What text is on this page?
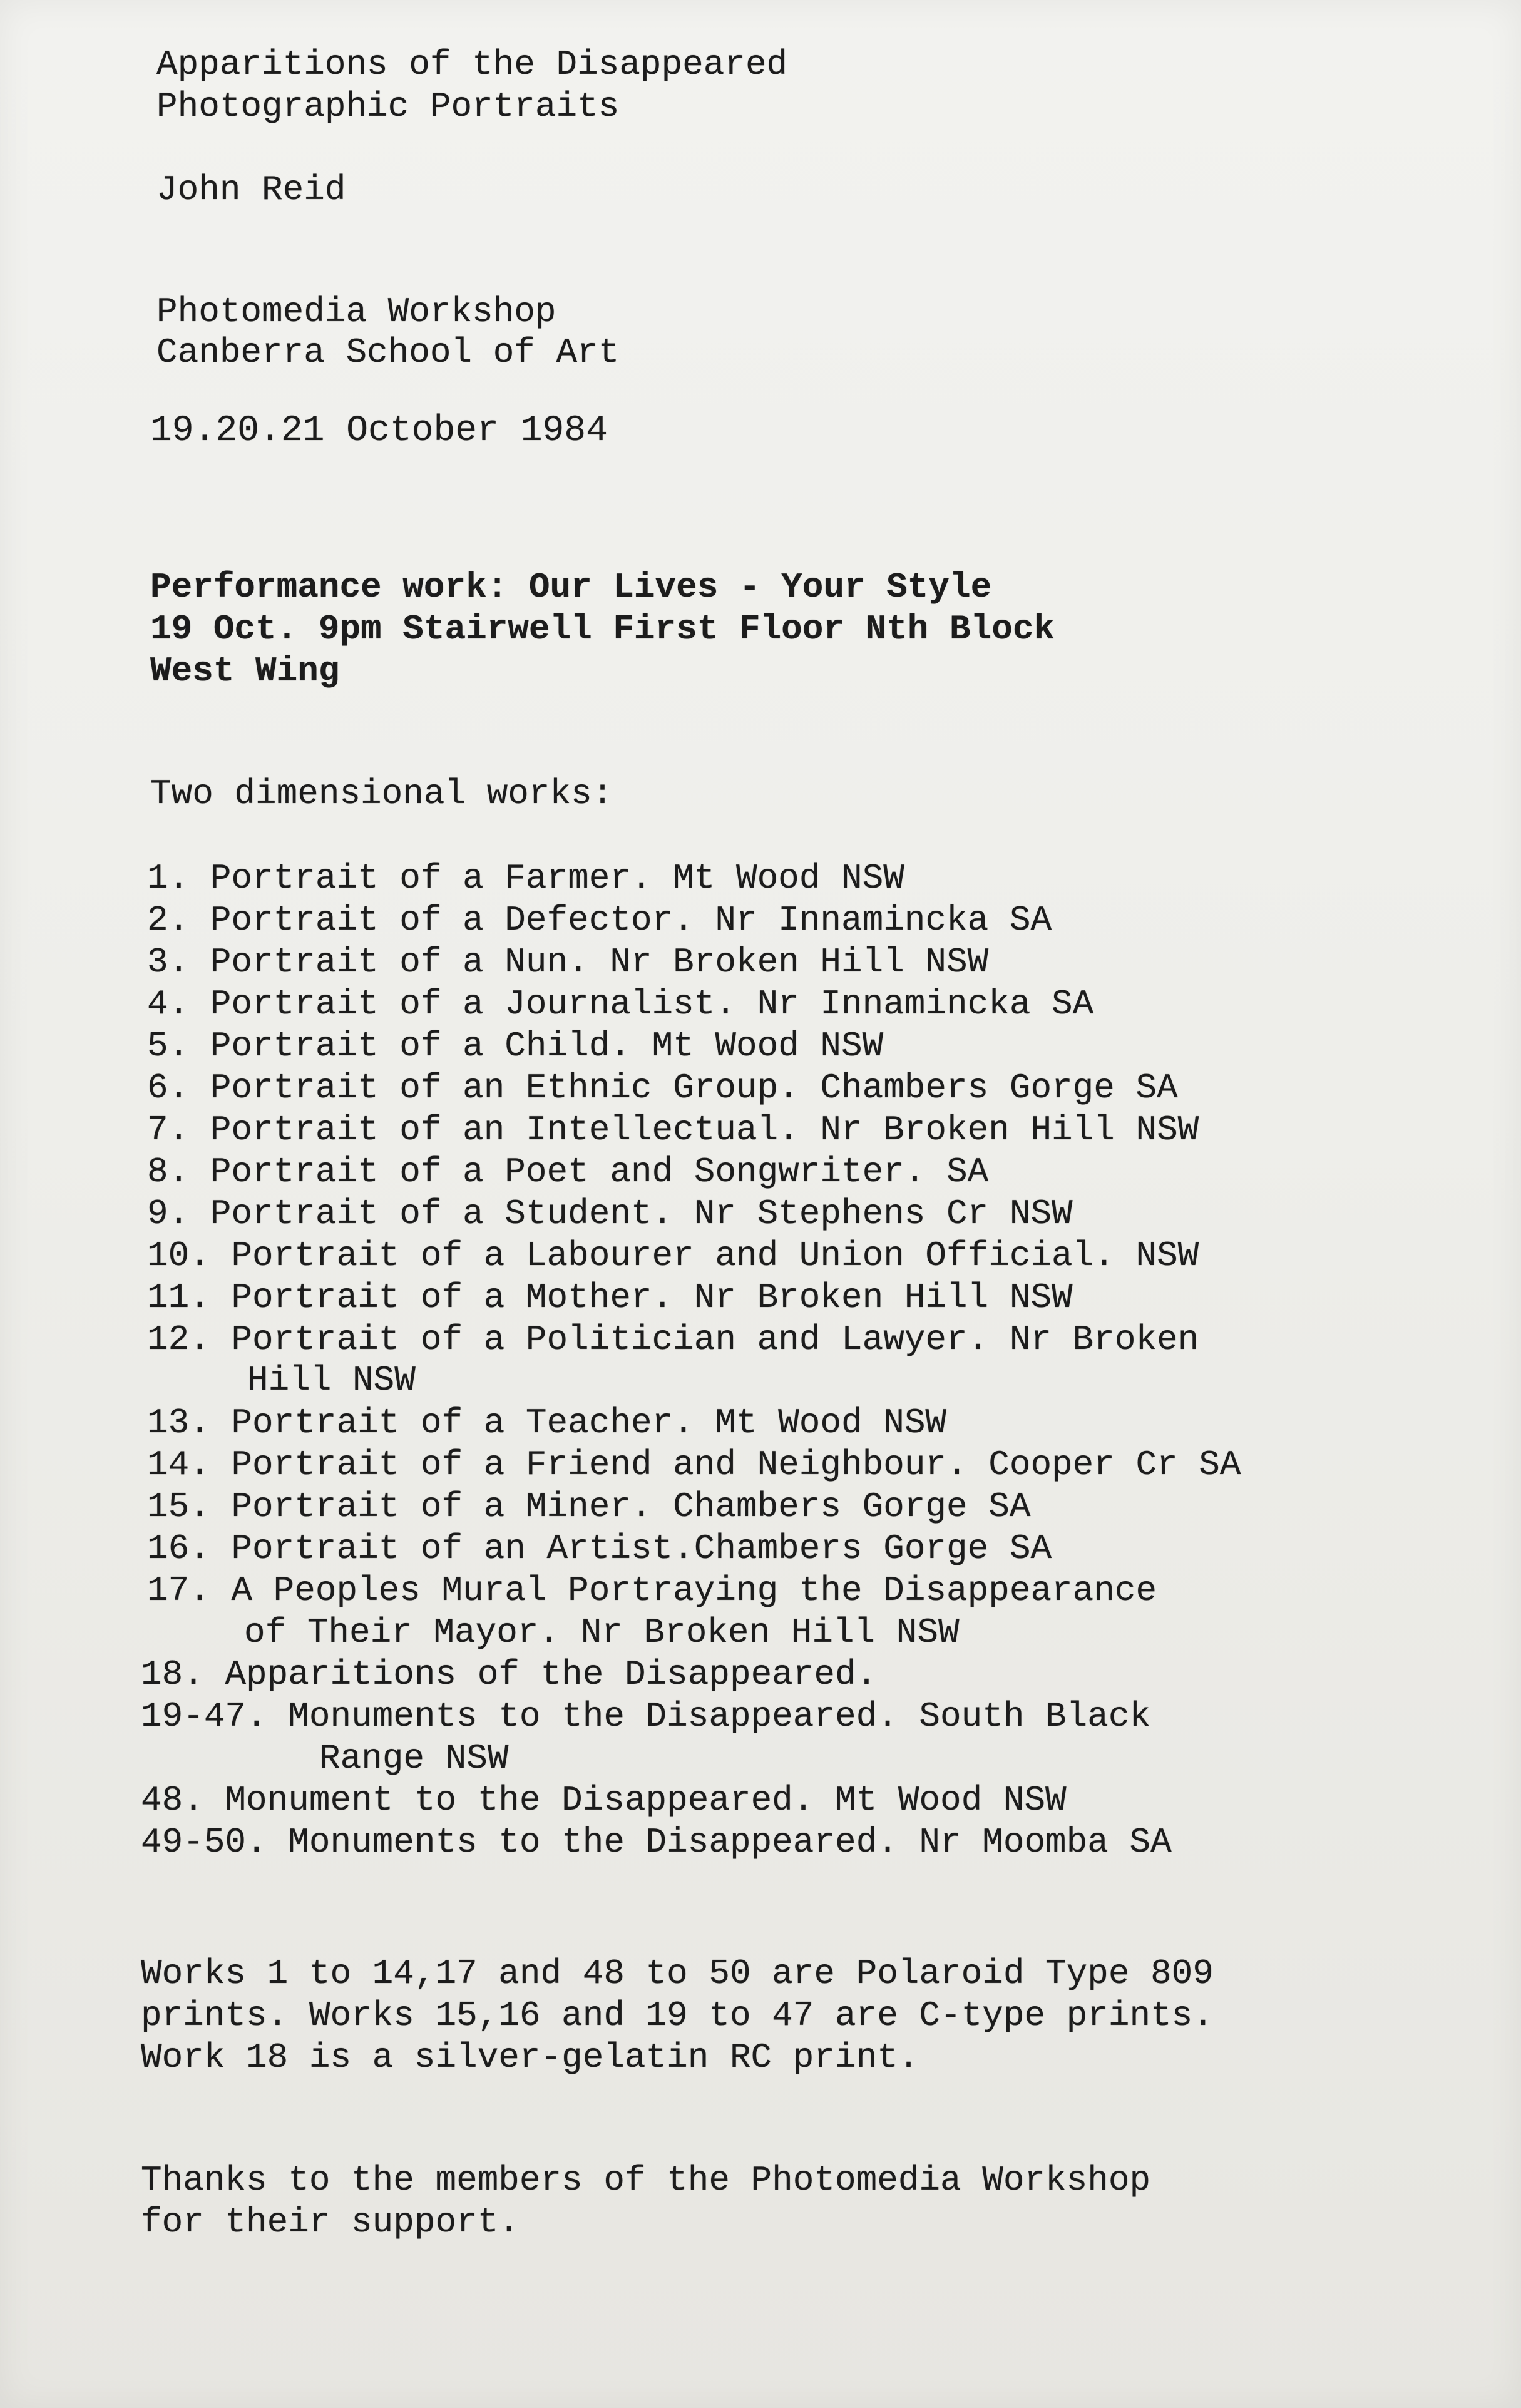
Apparitions of the Disappeared
Photographic Portraits
John Reid
Photomedia Workshop
Canberra School of Art
19.20.21 October 1984
Performance work: Our Lives - Your Style
19 Oct. 9pm Stairwell First Floor Nth Block
West Wing
Two dimensional works:
1. Portrait of a Farmer. Mt Wood NSW
2. Portrait of a Defector. Nr Innamincka SA
3. Portrait of a Nun. Nr Broken Hill NSW
4. Portrait of a Journalist. Nr Innamincka SA
5. Portrait of a Child. Mt Wood NSW
6. Portrait of an Ethnic Group. Chambers Gorge SA
7. Portrait of an Intellectual. Nr Broken Hill NSW
8. Portrait of a Poet and Songwriter. SA
9. Portrait of a Student. Nr Stephens Cr NSW
10. Portrait of a Labourer and Union Official. NSW
11. Portrait of a Mother. Nr Broken Hill NSW
12. Portrait of a Politician and Lawyer. Nr Broken
Hill NSW
13. Portrait of a Teacher. Mt Wood NSW
14. Portrait of a Friend and Neighbour. Cooper Cr SA
15. Portrait of a Miner. Chambers Gorge SA
16. Portrait of an Artist.Chambers Gorge SA
17. A Peoples Mural Portraying the Disappearance
of Their Mayor. Nr Broken Hill NSW
18. Apparitions of the Disappeared.
19-47. Monuments to the Disappeared. South Black
Range NSW
48. Monument to the Disappeared. Mt Wood NSW
49-50. Monuments to the Disappeared. Nr Moomba SA
Works 1 to 14,17 and 48 to 50 are Polaroid Type 809
prints. Works 15,16 and 19 to 47 are C-type prints.
Work 18 is a silver-gelatin RC print.
Thanks to the members of the Photomedia Workshop
for their support.
